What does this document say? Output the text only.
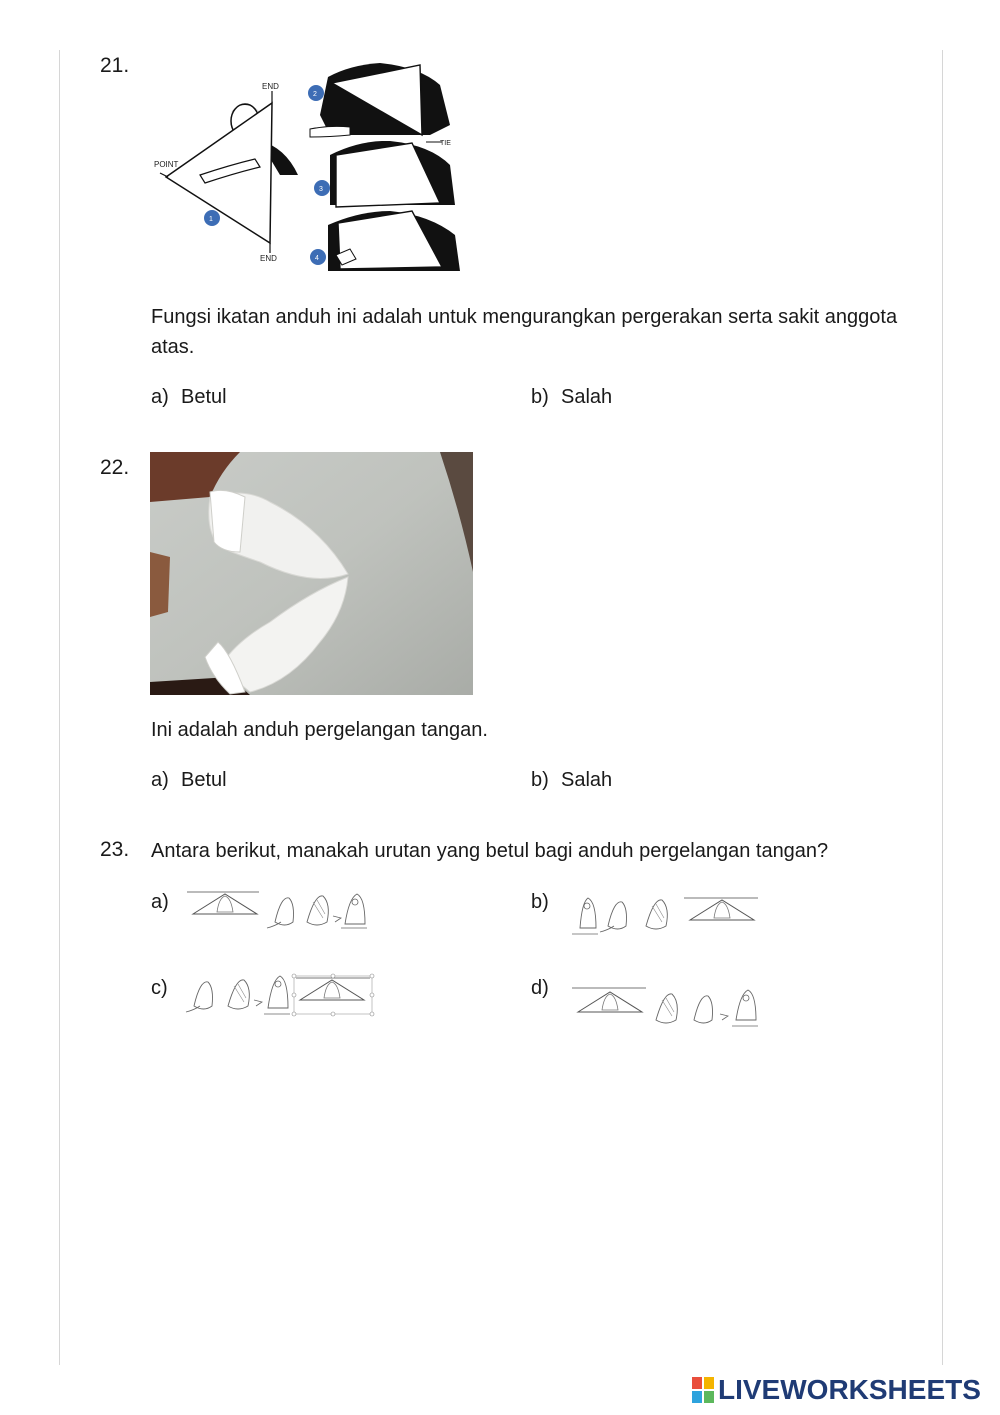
21.
END
POINT
END
1
2
TIE
3
4
Fungsi ikatan anduh ini adalah untuk mengurangkan pergerakan serta sakit anggota atas.
a) Betul	b) Salah
22.
Ini adalah anduh pergelangan tangan.
a) Betul	b) Salah
23. Antara berikut, manakah urutan yang betul bagi anduh pergelangan tangan?
a)	b)
c)	d)
LIVEWORKSHEETS
